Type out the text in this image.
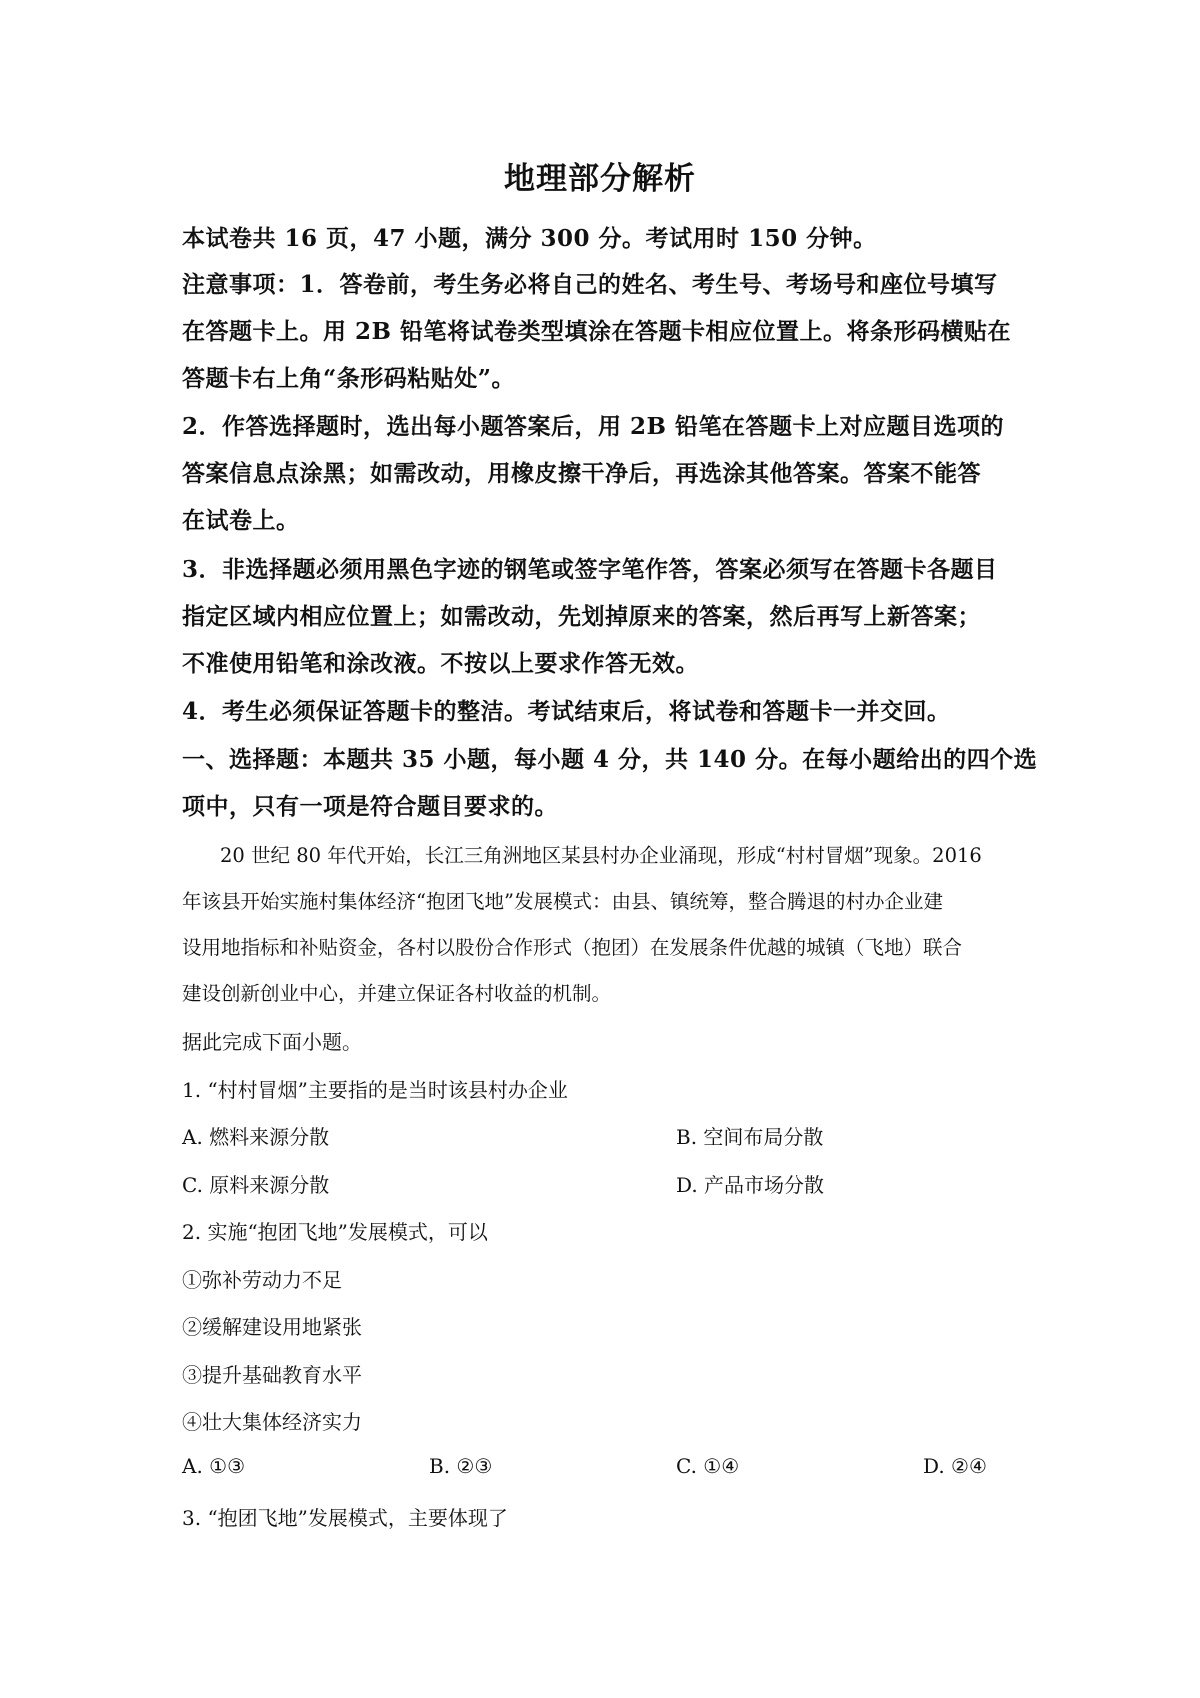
地理部分解析
本试卷共 16 页，47 小题，满分 300 分。考试用时 150 分钟。
注意事项：1．答卷前，考生务必将自己的姓名、考生号、考场号和座位号填写
在答题卡上。用 2B 铅笔将试卷类型填涂在答题卡相应位置上。将条形码横贴在
答题卡右上角“条形码粘贴处”。
2．作答选择题时，选出每小题答案后，用 2B 铅笔在答题卡上对应题目选项的
答案信息点涂黑；如需改动，用橡皮擦干净后，再选涂其他答案。答案不能答
在试卷上。
3．非选择题必须用黑色字迹的钢笔或签字笔作答，答案必须写在答题卡各题目
指定区域内相应位置上；如需改动，先划掉原来的答案，然后再写上新答案；
不准使用铅笔和涂改液。不按以上要求作答无效。
4．考生必须保证答题卡的整洁。考试结束后，将试卷和答题卡一并交回。
一、选择题：本题共 35 小题，每小题 4 分，共 140 分。在每小题给出的四个选
项中，只有一项是符合题目要求的。
20 世纪 80 年代开始，长江三角洲地区某县村办企业涌现，形成“村村冒烟”现象。2016
年该县开始实施村集体经济“抱团飞地”发展模式：由县、镇统筹，整合腾退的村办企业建
设用地指标和补贴资金，各村以股份合作形式（抱团）在发展条件优越的城镇（飞地）联合
建设创新创业中心，并建立保证各村收益的机制。
据此完成下面小题。
1. “村村冒烟”主要指的是当时该县村办企业
A. 燃料来源分散	B. 空间布局分散
C. 原料来源分散	D. 产品市场分散
2. 实施“抱团飞地”发展模式，可以
①弥补劳动力不足
②缓解建设用地紧张
③提升基础教育水平
④壮大集体经济实力
A. ①③	B. ②③	C. ①④	D. ②④
3. “抱团飞地”发展模式，主要体现了
